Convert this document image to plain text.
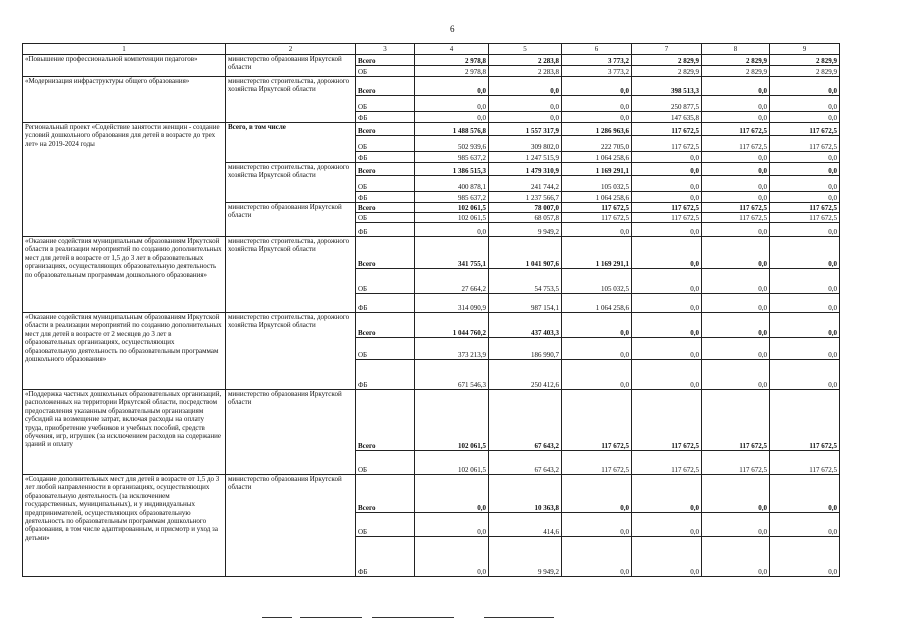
6
1	2	3	4	5	6	7	8	9
«Повышение профессиональной компетенции педагогов»	министерство образования Иркутской области	Всего	2 978,8	2 283,8	3 773,2	2 829,9	2 829,9	2 829,9
		ОБ	2 978,8	2 283,8	3 773,2	2 829,9	2 829,9	2 829,9
«Модернизация инфраструктуры общего образования»	министерство строительства, дорожного хозяйства Иркутской области	Всего	0,0	0,0	0,0	398 513,3	0,0	0,0
		ОБ	0,0	0,0	0,0	250 877,5	0,0	0,0
		ФБ	0,0	0,0	0,0	147 635,8	0,0	0,0
Региональный проект «Содействие занятости женщин - создание условий дошкольного образования для детей в возрасте до трех лет» на 2019-2024 годы	Всего, в том числе	Всего	1 488 576,8	1 557 317,9	1 286 963,6	117 672,5	117 672,5	117 672,5
		ОБ	502 939,6	309 802,0	222 705,0	117 672,5	117 672,5	117 672,5
		ФБ	985 637,2	1 247 515,9	1 064 258,6	0,0	0,0	0,0
	министерство строительства, дорожного хозяйства Иркутской области	Всего	1 386 515,3	1 479 310,9	1 169 291,1	0,0	0,0	0,0
		ОБ	400 878,1	241 744,2	105 032,5	0,0	0,0	0,0
		ФБ	985 637,2	1 237 566,7	1 064 258,6	0,0	0,0	0,0
	министерство образования Иркутской области	Всего	102 061,5	78 007,0	117 672,5	117 672,5	117 672,5	117 672,5
		ОБ	102 061,5	68 057,8	117 672,5	117 672,5	117 672,5	117 672,5
		ФБ	0,0	9 949,2	0,0	0,0	0,0	0,0
«Оказание содействия муниципальным образованиям Иркутской области в реализации мероприятий по созданию дополнительных мест для детей в возрасте от 1,5 до 3 лет в образовательных организациях, осуществляющих образовательную деятельность по образовательным программам дошкольного образования»	министерство строительства, дорожного хозяйства Иркутской области	Всего	341 755,1	1 041 907,6	1 169 291,1	0,0	0,0	0,0
		ОБ	27 664,2	54 753,5	105 032,5	0,0	0,0	0,0
		ФБ	314 090,9	987 154,1	1 064 258,6	0,0	0,0	0,0
«Оказание содействия муниципальным образованиям Иркутской области в реализации мероприятий по созданию дополнительных мест для детей в возрасте от 2 месяцев до 3 лет в образовательных организациях, осуществляющих образовательную деятельность по образовательным программам дошкольного образования»	министерство строительства, дорожного хозяйства Иркутской области	Всего	1 044 760,2	437 403,3	0,0	0,0	0,0	0,0
		ОБ	373 213,9	186 990,7	0,0	0,0	0,0	0,0
		ФБ	671 546,3	250 412,6	0,0	0,0	0,0	0,0
«Поддержка частных дошкольных образовательных организаций, расположенных на территории Иркутской области, посредством предоставления указанным образовательным организациям субсидий на возмещение затрат, включая расходы на оплату труда, приобретение учебников и учебных пособий, средств обучения, игр, игрушек (за исключением расходов на содержание зданий и оплату	министерство образования Иркутской области	Всего	102 061,5	67 643,2	117 672,5	117 672,5	117 672,5	117 672,5
		ОБ	102 061,5	67 643,2	117 672,5	117 672,5	117 672,5	117 672,5
«Создание дополнительных мест для детей в возрасте от 1,5 до 3 лет любой направленности в организациях, осуществляющих образовательную деятельность (за исключением государственных, муниципальных), и у индивидуальных предпринимателей, осуществляющих образовательную деятельность по образовательным программам дошкольного образования, в том числе адаптированным, и присмотр и уход за детьми»	министерство образования Иркутской области	Всего	0,0	10 363,8	0,0	0,0	0,0	0,0
		ОБ	0,0	414,6	0,0	0,0	0,0	0,0
		ФБ	0,0	9 949,2	0,0	0,0	0,0	0,0
